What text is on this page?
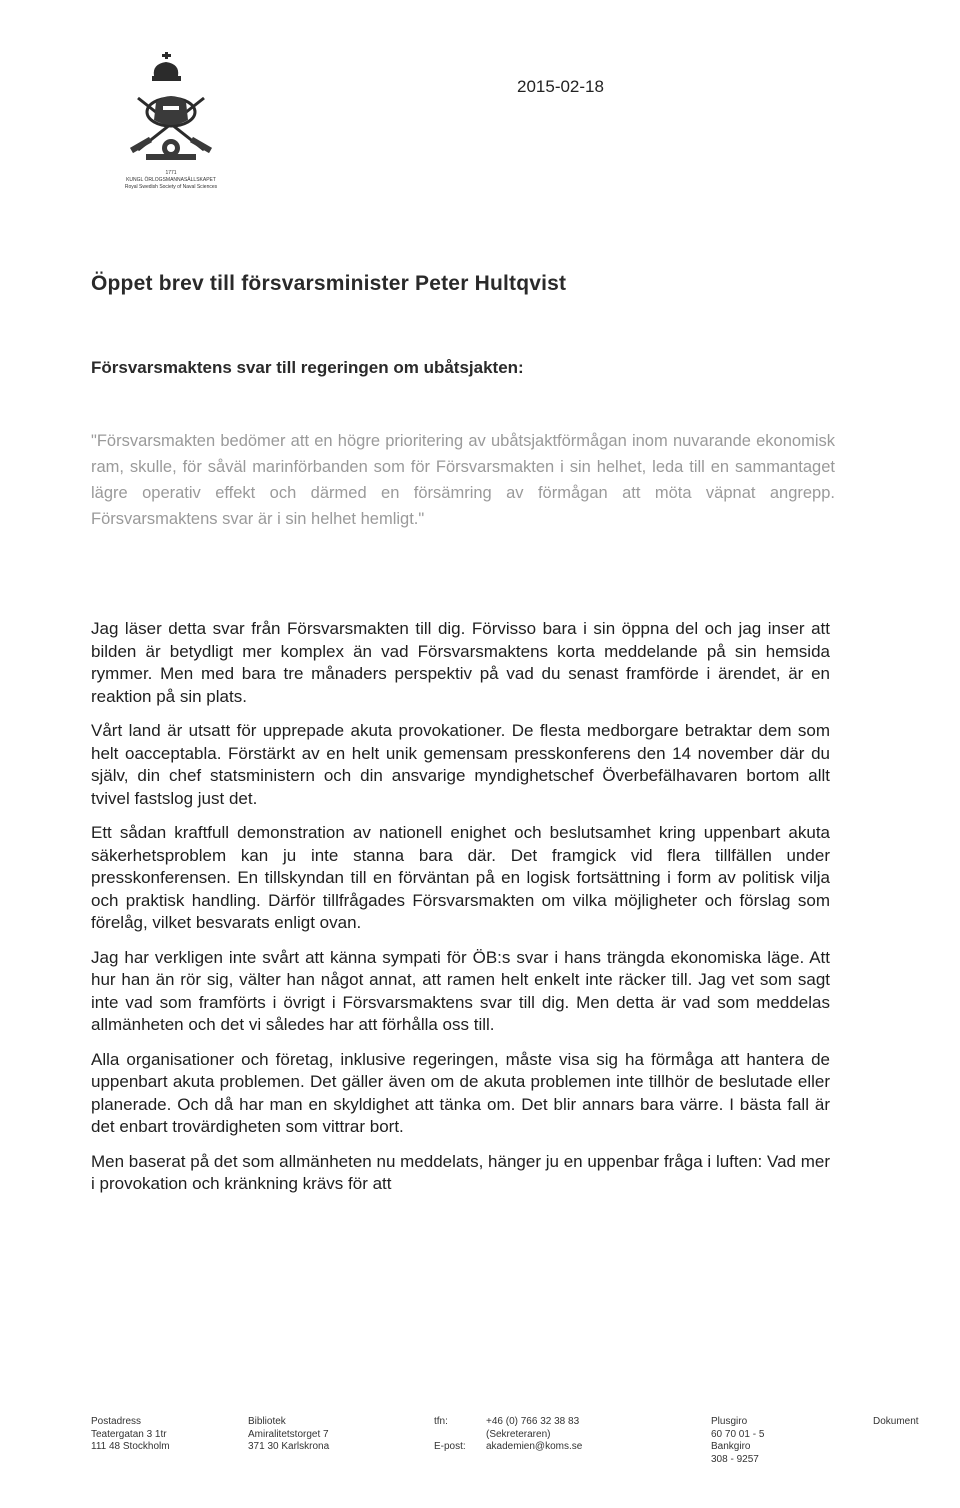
1771
KUNGL ÖRLOGSMANNASÄLLSKAPET
Royal Swedish Society of Naval Sciences
2015-02-18
Öppet brev till försvarsminister Peter Hultqvist
Försvarsmaktens svar till regeringen om ubåtsjakten:

"Försvarsmakten bedömer att en högre prioritering av ubåtsjaktförmågan inom nuvarande ekonomisk ram, skulle, för såväl marinförbanden som för Försvarsmakten i sin helhet, leda till en sammantaget lägre operativ effekt och därmed en försämring av förmågan att möta väpnat angrepp. Försvarsmaktens svar är i sin helhet hemligt."

Jag läser detta svar från Försvarsmakten till dig. Förvisso bara i sin öppna del och jag inser att bilden är betydligt mer komplex än vad Försvarsmaktens korta meddelande på sin hemsida rymmer. Men med bara tre månaders perspektiv på vad du senast framförde i ärendet, är en reaktion på sin plats.

Vårt land är utsatt för upprepade akuta provokationer. De flesta medborgare betraktar dem som helt oacceptabla. Förstärkt av en helt unik gemensam presskonferens den 14 november där du själv, din chef statsministern och din ansvarige myndighetschef Överbefälhavaren bortom allt tvivel fastslog just det.

Ett sådan kraftfull demonstration av nationell enighet och beslutsamhet kring uppenbart akuta säkerhetsproblem kan ju inte stanna bara där. Det framgick vid flera tillfällen under presskonferensen. En tillskyndan till en förväntan på en logisk fortsättning i form av politisk vilja och praktisk handling. Därför tillfrågades Försvarsmakten om vilka möjligheter och förslag som förelåg, vilket besvarats enligt ovan.

Jag har verkligen inte svårt att känna sympati för ÖB:s svar i hans trängda ekonomiska läge. Att hur han än rör sig, välter han något annat, att ramen helt enkelt inte räcker till. Jag vet som sagt inte vad som framförts i övrigt i Försvarsmaktens svar till dig. Men detta är vad som meddelas allmänheten och det vi således har att förhålla oss till.

Alla organisationer och företag, inklusive regeringen, måste visa sig ha förmåga att hantera de uppenbart akuta problemen. Det gäller även om de akuta problemen inte tillhör de beslutade eller planerade. Och då har man en skyldighet att tänka om. Det blir annars bara värre. I bästa fall är det enbart trovärdigheten som vittrar bort.

Men baserat på det som allmänheten nu meddelats, hänger ju en uppenbar fråga i luften: Vad mer i provokation och kränkning krävs för att

Postadress
Teatergatan 3 1tr
111 48 Stockholm
Bibliotek
Amiralitetstorget 7
371 30 Karlskrona
tfn:

E-post:
+46 (0) 766 32 38 83
(Sekreteraren)
akademien@koms.se
Plusgiro
60 70 01 - 5
Bankgiro
308 - 9257
Dokument
